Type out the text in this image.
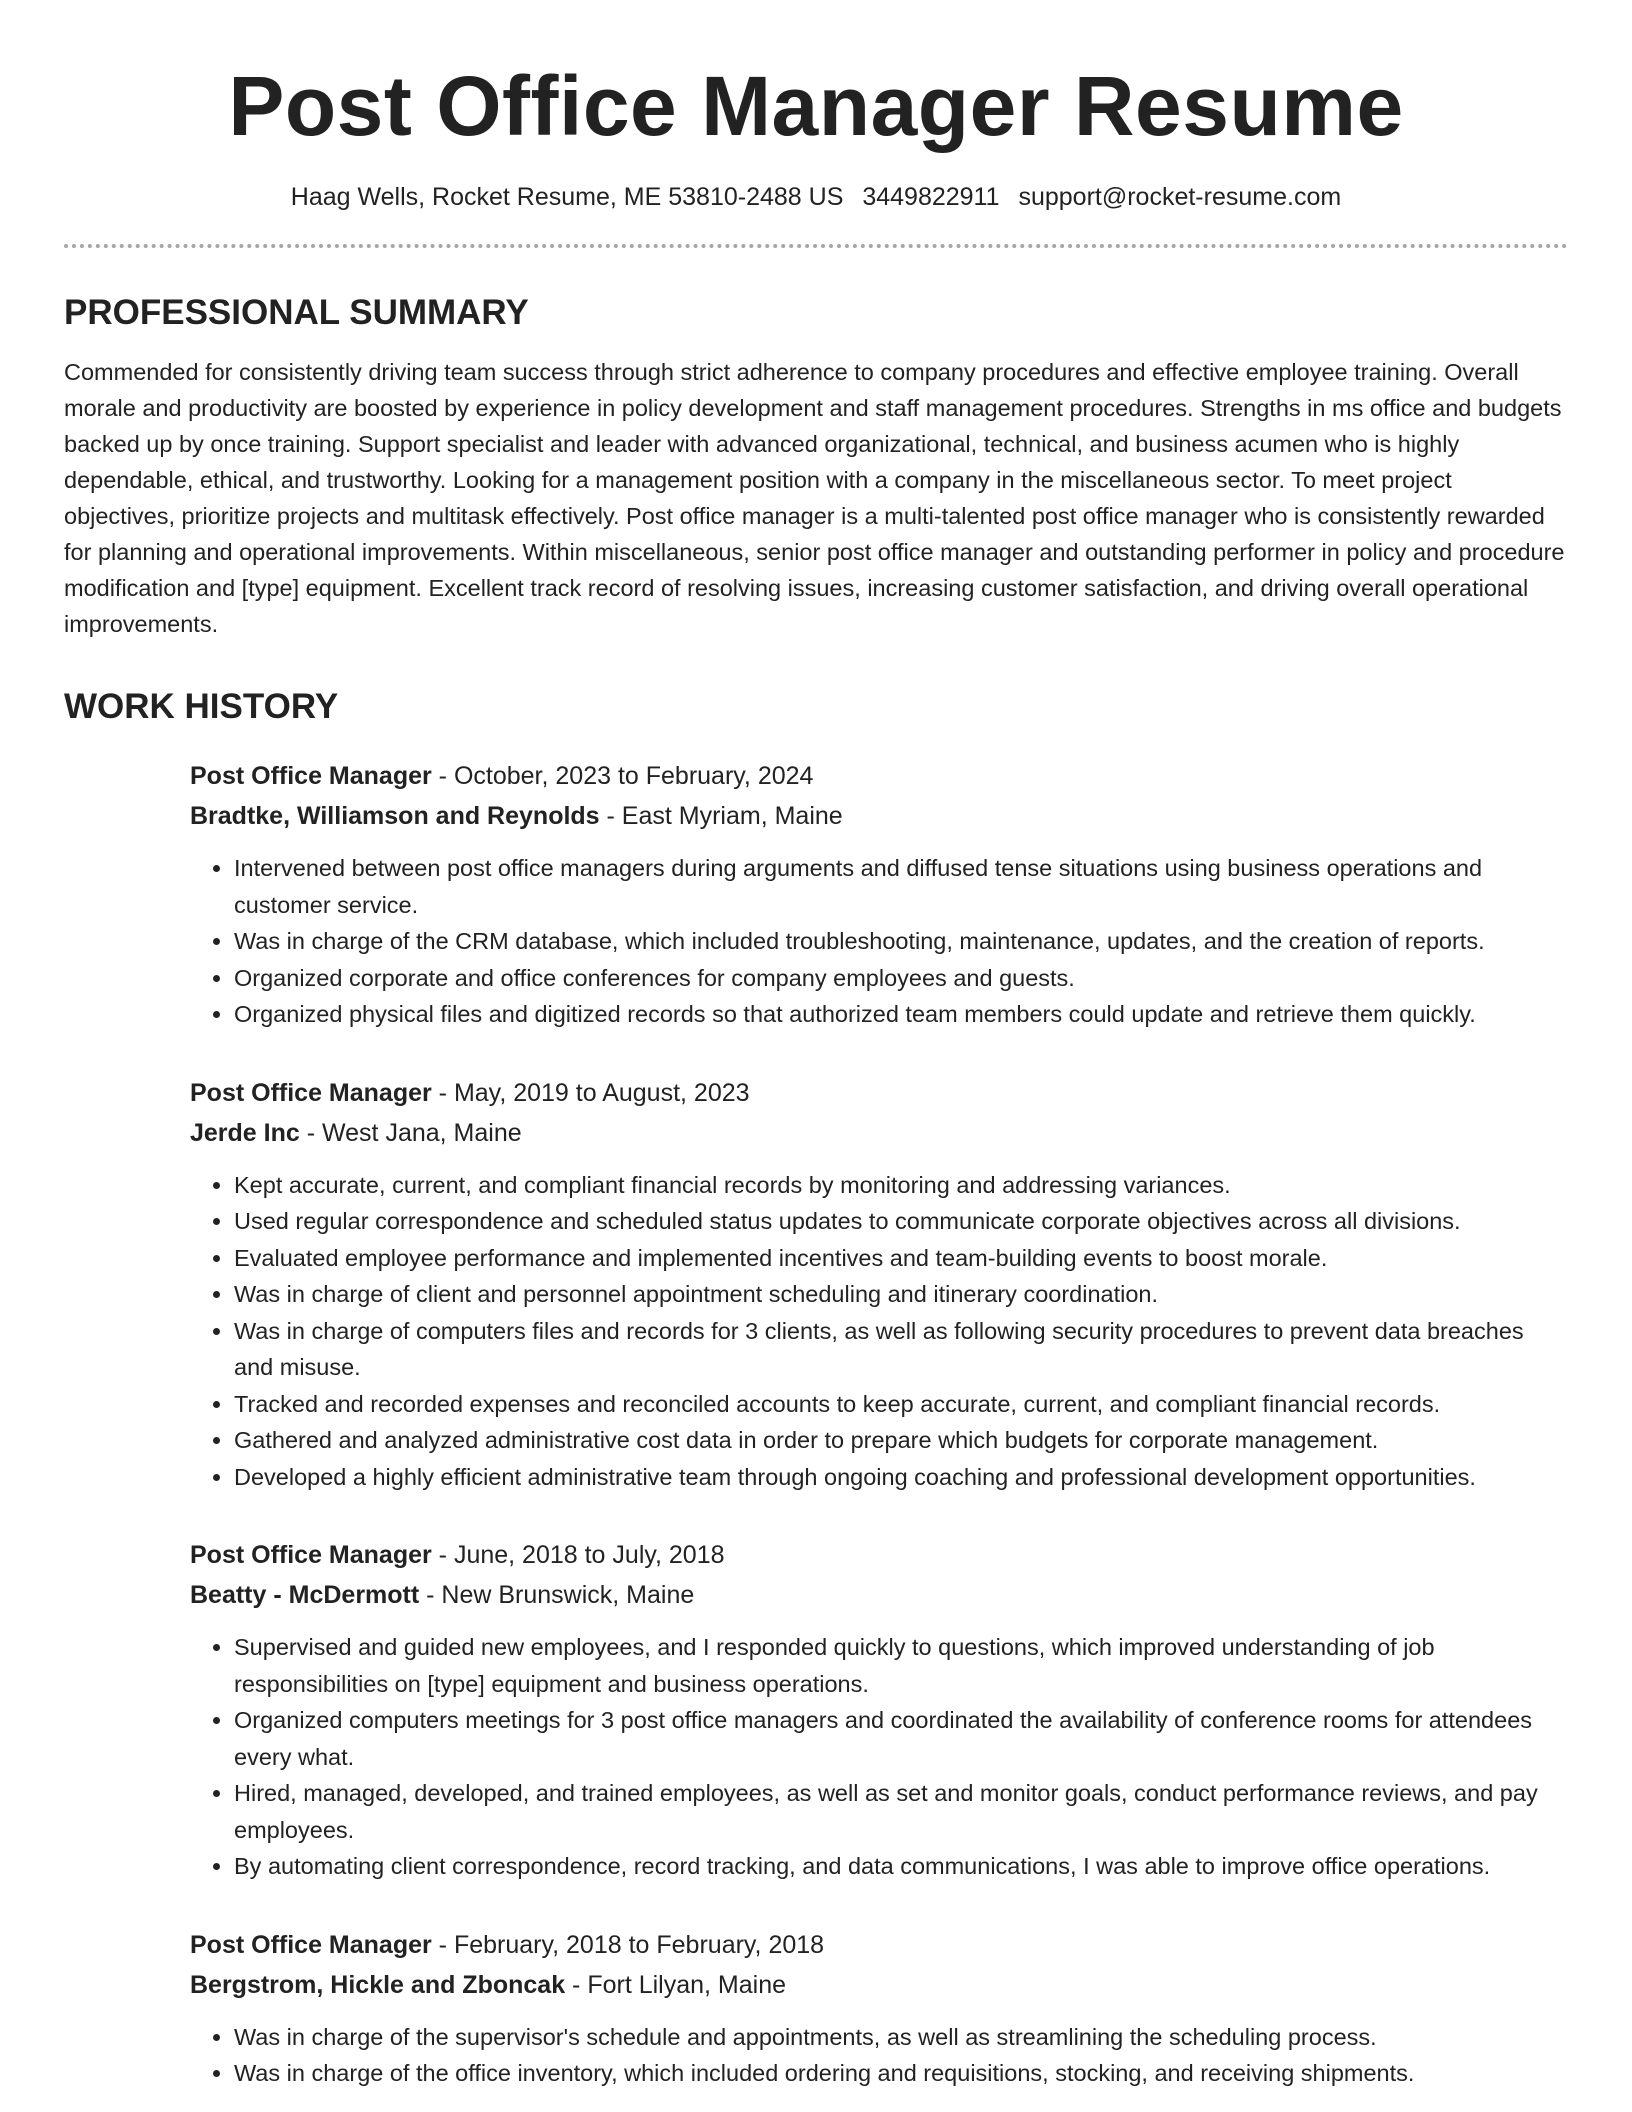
Post Office Manager Resume
Haag Wells, Rocket Resume, ME 53810-2488 US 3449822911 support@rocket-resume.com
PROFESSIONAL SUMMARY

Commended for consistently driving team success through strict adherence to company procedures and effective employee training. Overall morale and productivity are boosted by experience in policy development and staff management procedures. Strengths in ms office and budgets backed up by once training. Support specialist and leader with advanced organizational, technical, and business acumen who is highly dependable, ethical, and trustworthy. Looking for a management position with a company in the miscellaneous sector. To meet project objectives, prioritize projects and multitask effectively. Post office manager is a multi-talented post office manager who is consistently rewarded for planning and operational improvements. Within miscellaneous, senior post office manager and outstanding performer in policy and procedure modification and [type] equipment. Excellent track record of resolving issues, increasing customer satisfaction, and driving overall operational improvements.

WORK HISTORY
Post Office Manager - October, 2023 to February, 2024
Bradtke, Williamson and Reynolds - East Myriam, Maine
• Intervened between post office managers during arguments and diffused tense situations using business operations and customer service.
• Was in charge of the CRM database, which included troubleshooting, maintenance, updates, and the creation of reports.
• Organized corporate and office conferences for company employees and guests.
• Organized physical files and digitized records so that authorized team members could update and retrieve them quickly.
Post Office Manager - May, 2019 to August, 2023
Jerde Inc - West Jana, Maine
• Kept accurate, current, and compliant financial records by monitoring and addressing variances.
• Used regular correspondence and scheduled status updates to communicate corporate objectives across all divisions.
• Evaluated employee performance and implemented incentives and team-building events to boost morale.
• Was in charge of client and personnel appointment scheduling and itinerary coordination.
• Was in charge of computers files and records for 3 clients, as well as following security procedures to prevent data breaches and misuse.
• Tracked and recorded expenses and reconciled accounts to keep accurate, current, and compliant financial records.
• Gathered and analyzed administrative cost data in order to prepare which budgets for corporate management.
• Developed a highly efficient administrative team through ongoing coaching and professional development opportunities.
Post Office Manager - June, 2018 to July, 2018
Beatty - McDermott - New Brunswick, Maine
• Supervised and guided new employees, and I responded quickly to questions, which improved understanding of job responsibilities on [type] equipment and business operations.
• Organized computers meetings for 3 post office managers and coordinated the availability of conference rooms for attendees every what.
• Hired, managed, developed, and trained employees, as well as set and monitor goals, conduct performance reviews, and pay employees.
• By automating client correspondence, record tracking, and data communications, I was able to improve office operations.
Post Office Manager - February, 2018 to February, 2018
Bergstrom, Hickle and Zboncak - Fort Lilyan, Maine
• Was in charge of the supervisor's schedule and appointments, as well as streamlining the scheduling process.
• Was in charge of the office inventory, which included ordering and requisitions, stocking, and receiving shipments.
